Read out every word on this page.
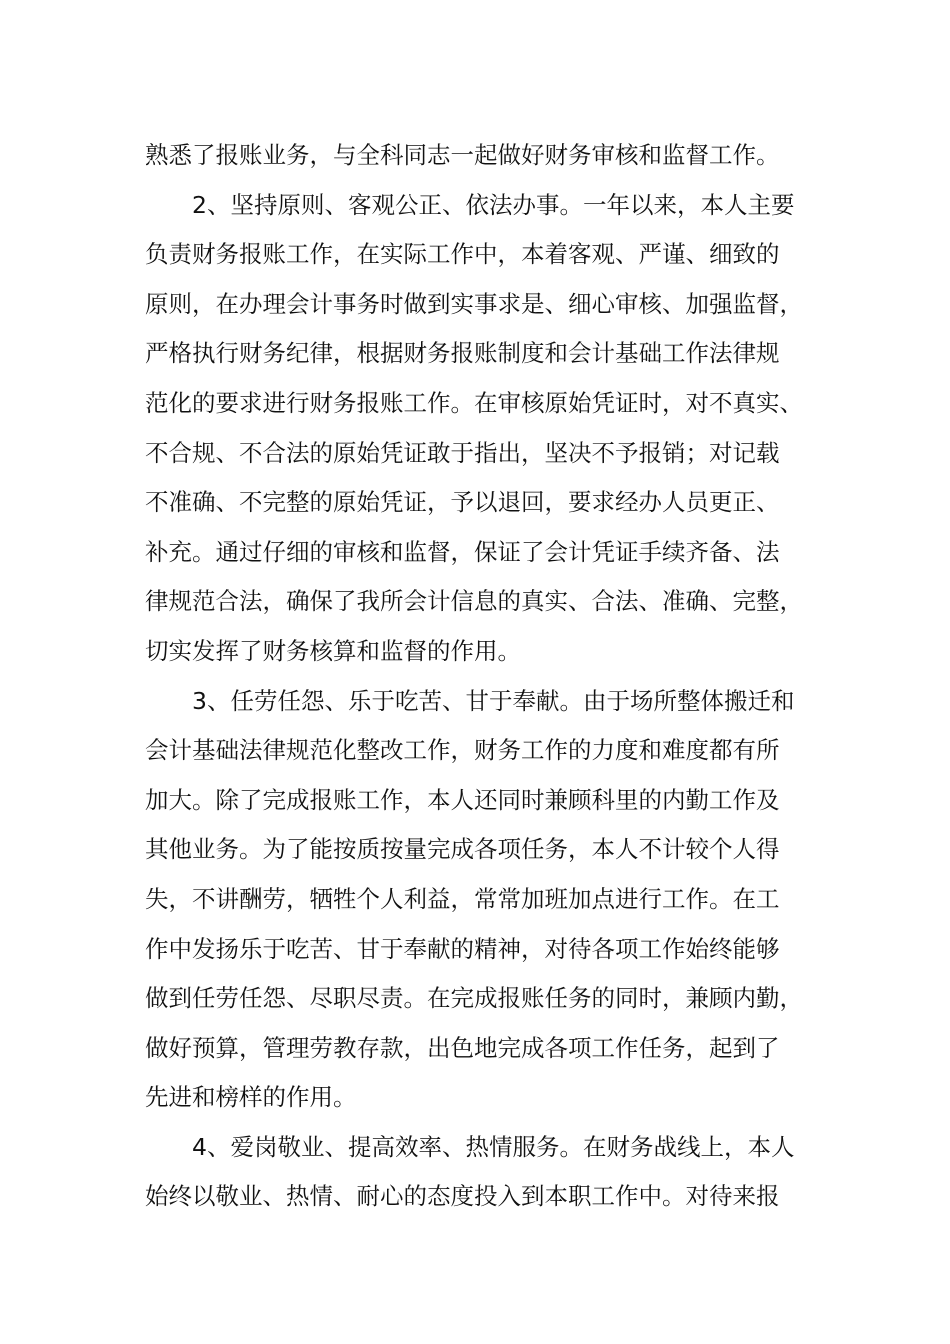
熟悉了报账业务，与全科同志一起做好财务审核和监督工作。
2、坚持原则、客观公正、依法办事。一年以来，本人主要
负责财务报账工作，在实际工作中，本着客观、严谨、细致的
原则，在办理会计事务时做到实事求是、细心审核、加强监督，
严格执行财务纪律，根据财务报账制度和会计基础工作法律规
范化的要求进行财务报账工作。在审核原始凭证时，对不真实、
不合规、不合法的原始凭证敢于指出，坚决不予报销；对记载
不准确、不完整的原始凭证，予以退回，要求经办人员更正、
补充。通过仔细的审核和监督，保证了会计凭证手续齐备、法
律规范合法，确保了我所会计信息的真实、合法、准确、完整，
切实发挥了财务核算和监督的作用。
3、任劳任怨、乐于吃苦、甘于奉献。由于场所整体搬迁和
会计基础法律规范化整改工作，财务工作的力度和难度都有所
加大。除了完成报账工作，本人还同时兼顾科里的内勤工作及
其他业务。为了能按质按量完成各项任务，本人不计较个人得
失，不讲酬劳，牺牲个人利益，常常加班加点进行工作。在工
作中发扬乐于吃苦、甘于奉献的精神，对待各项工作始终能够
做到任劳任怨、尽职尽责。在完成报账任务的同时，兼顾内勤，
做好预算，管理劳教存款，出色地完成各项工作任务，起到了
先进和榜样的作用。
4、爱岗敬业、提高效率、热情服务。在财务战线上，本人
始终以敬业、热情、耐心的态度投入到本职工作中。对待来报
